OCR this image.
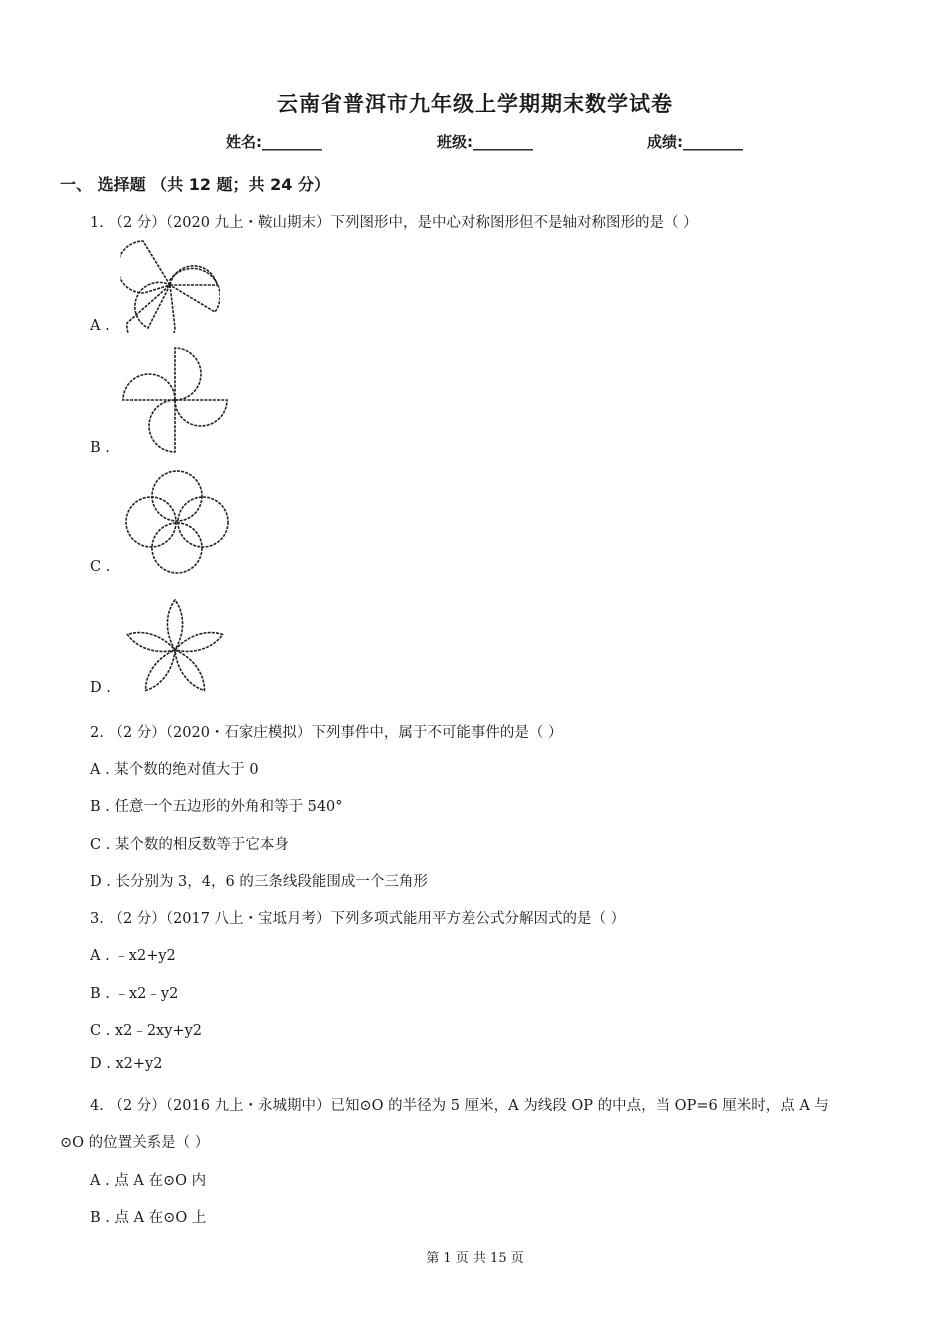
云南省普洱市九年级上学期期末数学试卷
姓名:________	班级:________	成绩:________
一、 选择题 （共 12 题；共 24 分）
1. （2 分）（2020 九上・鞍山期末）下列图形中，是中心对称图形但不是轴对称图形的是（ ）
A .
B .
C .
D .
2. （2 分）（2020・石家庄模拟）下列事件中，属于不可能事件的是（ ）
A . 某个数的绝对值大于 0
B . 任意一个五边形的外角和等于 540°
C . 某个数的相反数等于它本身
D . 长分别为 3，4，6 的三条线段能围成一个三角形
3. （2 分）（2017 八上・宝坻月考）下列多项式能用平方差公式分解因式的是（ ）
A . ﹣x2+y2
B . ﹣x2﹣y2
C . x2﹣2xy+y2
D . x2+y2
4. （2 分）（2016 九上・永城期中）已知⊙O 的半径为 5 厘米，A 为线段 OP 的中点，当 OP=6 厘米时，点 A 与
⊙O 的位置关系是（ ）
A . 点 A 在⊙O 内
B . 点 A 在⊙O 上
第 1 页 共 15 页
